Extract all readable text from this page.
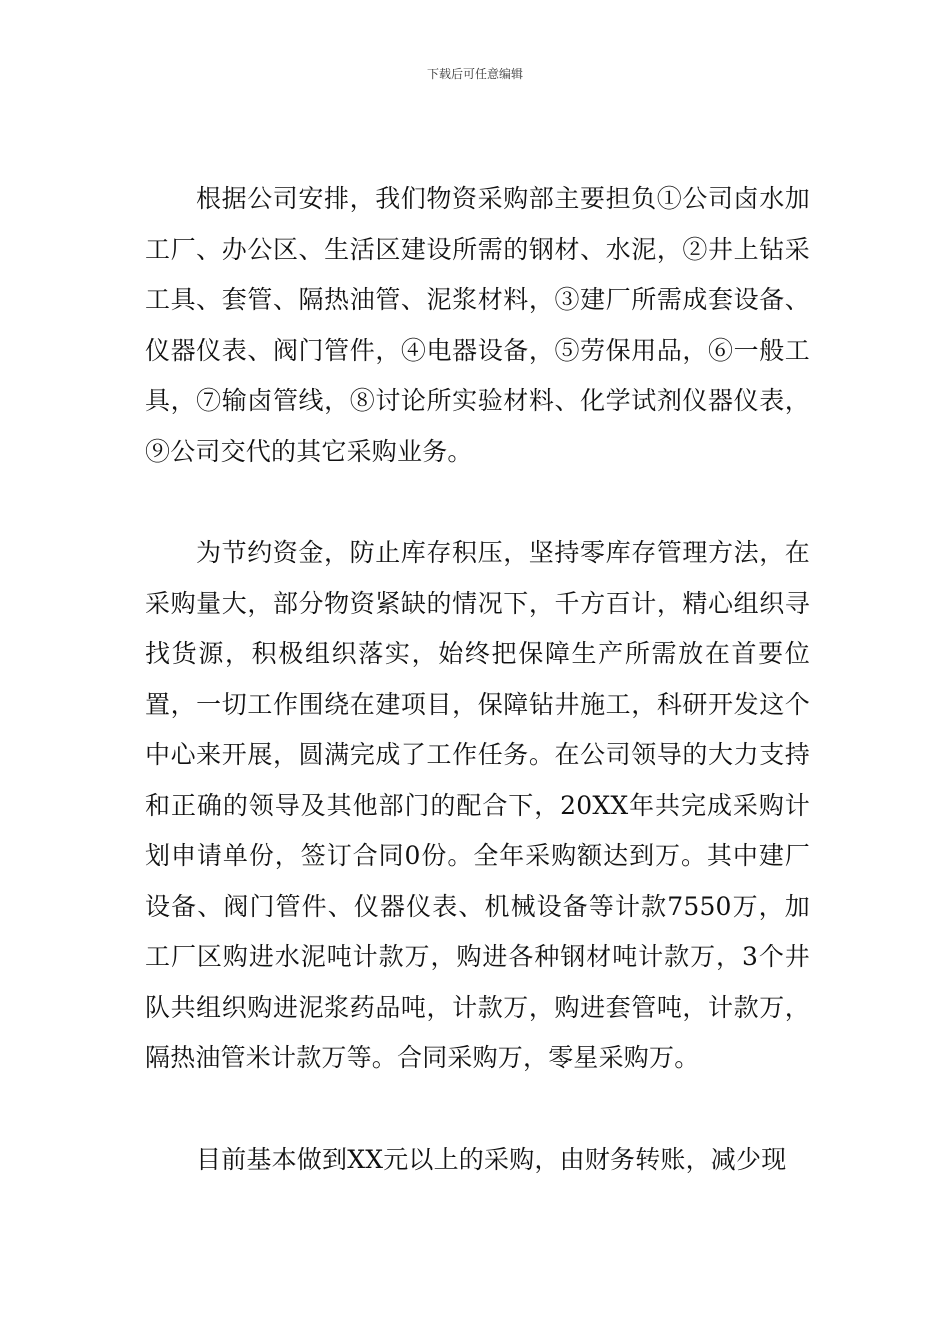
下载后可任意编辑

根据公司安排，我们物资采购部主要担负①公司卤水加工厂、办公区、生活区建设所需的钢材、水泥，②井上钻采工具、套管、隔热油管、泥浆材料，③建厂所需成套设备、仪器仪表、阀门管件，④电器设备，⑤劳保用品，⑥一般工具，⑦输卤管线，⑧讨论所实验材料、化学试剂仪器仪表，⑨公司交代的其它采购业务。

为节约资金，防止库存积压，坚持零库存管理方法，在采购量大，部分物资紧缺的情况下，千方百计，精心组织寻找货源，积极组织落实，始终把保障生产所需放在首要位置，一切工作围绕在建项目，保障钻井施工，科研开发这个中心来开展，圆满完成了工作任务。在公司领导的大力支持和正确的领导及其他部门的配合下，20XX年共完成采购计划申请单份，签订合同0份。全年采购额达到万。其中建厂设备、阀门管件、仪器仪表、机械设备等计款7550万，加工厂区购进水泥吨计款万，购进各种钢材吨计款万，3个井队共组织购进泥浆药品吨，计款万，购进套管吨，计款万，隔热油管米计款万等。合同采购万，零星采购万。

目前基本做到XX元以上的采购，由财务转账，减少现
